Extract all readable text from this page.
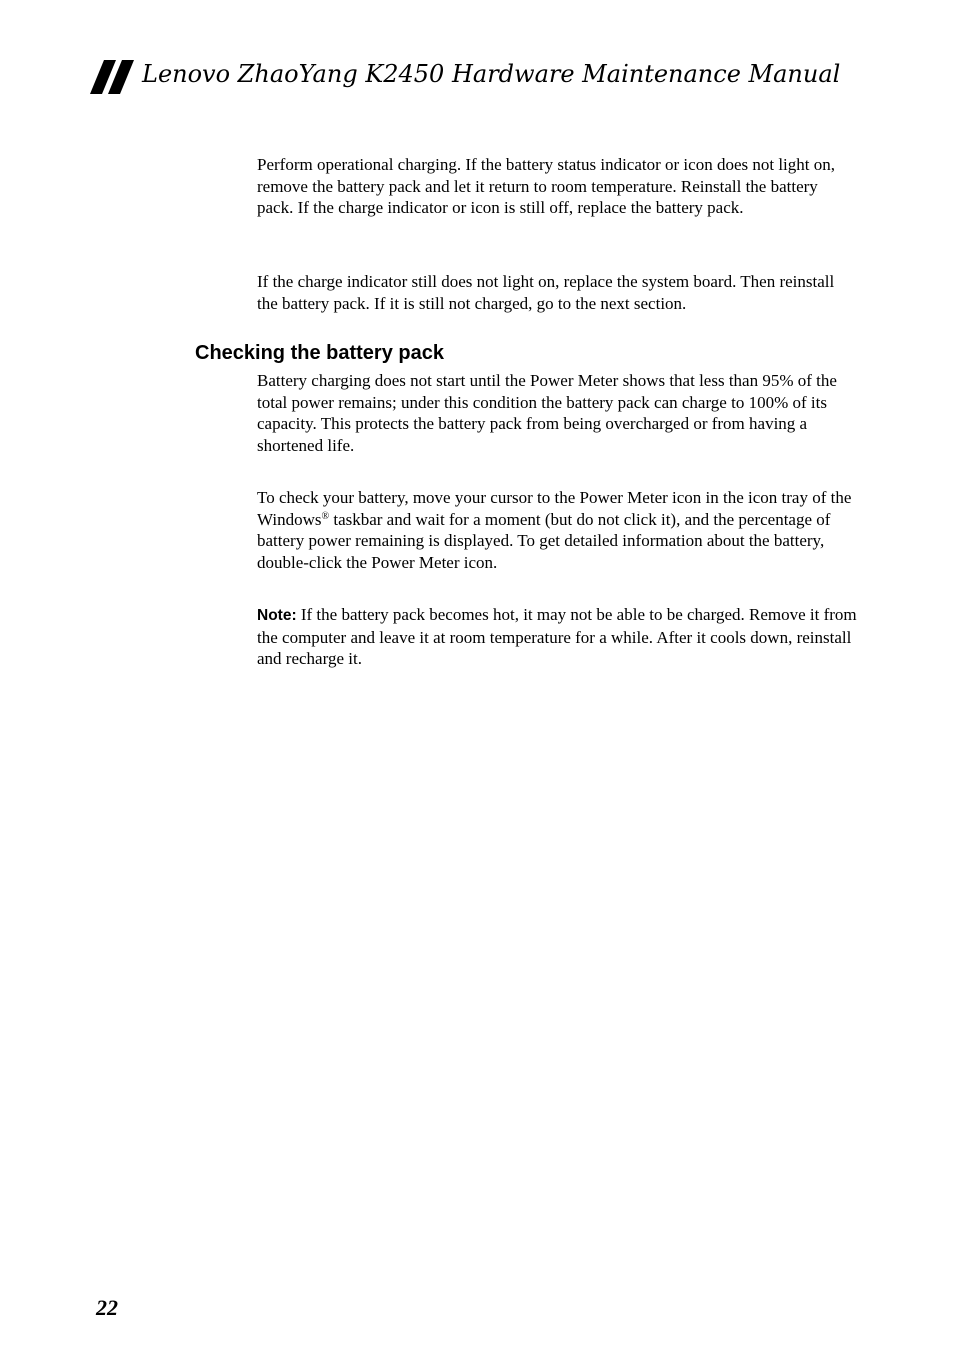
Lenovo ZhaoYang K2450 Hardware Maintenance Manual

Perform operational charging. If the battery status indicator or icon does not light on, remove the battery pack and let it return to room temperature. Reinstall the battery pack. If the charge indicator or icon is still off, replace the battery pack.

If the charge indicator still does not light on, replace the system board. Then reinstall the battery pack. If it is still not charged, go to the next section.

Checking the battery pack

Battery charging does not start until the Power Meter shows that less than 95% of the total power remains; under this condition the battery pack can charge to 100% of its capacity. This protects the battery pack from being overcharged or from having a shortened life.

To check your battery, move your cursor to the Power Meter icon in the icon tray of the Windows® taskbar and wait for a moment (but do not click it), and the percentage of battery power remaining is displayed. To get detailed information about the battery, double-click the Power Meter icon.

Note: If the battery pack becomes hot, it may not be able to be charged. Remove it from the computer and leave it at room temperature for a while. After it cools down, reinstall and recharge it.

22
